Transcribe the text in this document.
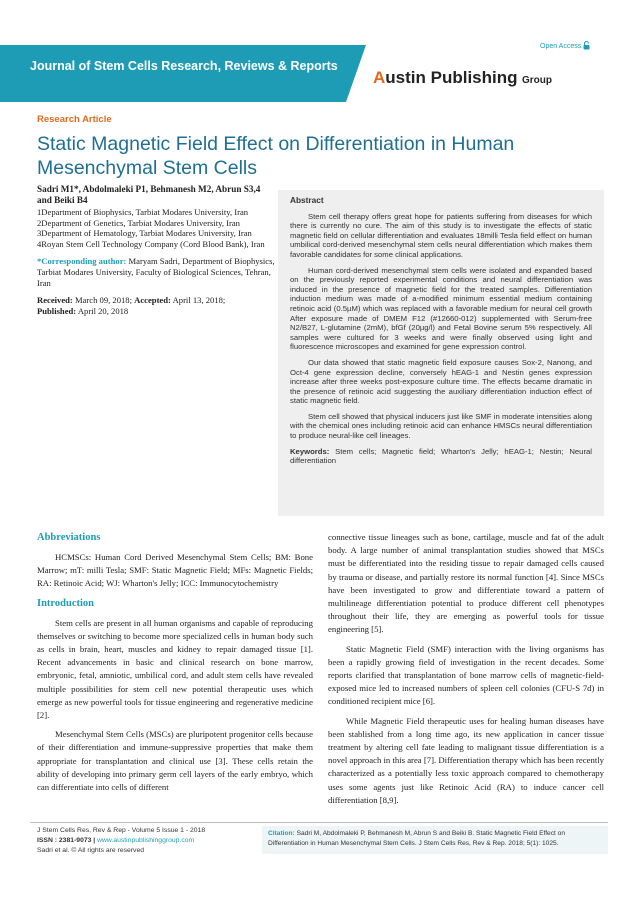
Journal of Stem Cells Research, Reviews & Reports
Open Access
Austin Publishing Group
Research Article
Static Magnetic Field Effect on Differentiation in Human Mesenchymal Stem Cells
Sadri M1*, Abdolmaleki P1, Behmanesh M2, Abrun S3,4 and Beiki B4

1Department of Biophysics, Tarbiat Modares University, Iran

2Department of Genetics, Tarbiat Modares University, Iran

3Department of Hematology, Tarbiat Modares University, Iran

4Royan Stem Cell Technology Company (Cord Blood Bank), Iran

*Corresponding author: Maryam Sadri, Department of Biophysics, Tarbiat Modares University, Faculty of Biological Sciences, Tehran, Iran
Received: March 09, 2018; Accepted: April 13, 2018;
Published: April 20, 2018
Abstract

Stem cell therapy offers great hope for patients suffering from diseases for which there is currently no cure. The aim of this study is to investigate the effects of static magnetic field on cellular differentiation and evaluates 18milli Tesla field effect on human umbilical cord-derived mesenchymal stem cells neural differentiation which makes them favorable candidates for some clinical applications.

Human cord-derived mesenchymal stem cells were isolated and expanded based on the previously reported experimental conditions and neural differentiation was induced in the presence of magnetic field for the treated samples. Differentiation induction medium was made of a-modified minimum essential medium containing retinoic acid (0.5µM) which was replaced with a favorable medium for neural cell growth After exposure made of DMEM F12 (#12660-012) supplemented with Serum-free N2/B27, L-glutamine (2mM), bfGf (20µg/l) and Fetal Bovine serum 5% respectively. All samples were cultured for 3 weeks and were finally observed using light and fluorescence microscopes and examined for gene expression control.

Our data showed that static magnetic field exposure causes Sox-2, Nanong, and Oct-4 gene expression decline, conversely hEAG-1 and Nestin genes expression increase after three weeks post-exposure culture time. The effects became dramatic in the presence of retinoic acid suggesting the auxiliary differentiation induction effect of static magnetic field.

Stem cell showed that physical inducers just like SMF in moderate intensities along with the chemical ones including retinoic acid can enhance HMSCs neural differentiation to produce neural-like cell lineages.

Keywords: Stem cells; Magnetic field; Wharton's Jelly; hEAG-1; Nestin; Neural differentiation
Abbreviations

HCMSCs: Human Cord Derived Mesenchymal Stem Cells; BM: Bone Marrow; mT: milli Tesla; SMF: Static Magnetic Field; MFs: Magnetic Fields; RA: Retinoic Acid; WJ: Wharton's Jelly; ICC: Immunocytochemistry

Introduction

Stem cells are present in all human organisms and capable of reproducing themselves or switching to become more specialized cells in human body such as cells in brain, heart, muscles and kidney to repair damaged tissue [1]. Recent advancements in basic and clinical research on bone marrow, embryonic, fetal, amniotic, umbilical cord, and adult stem cells have revealed multiple possibilities for stem cell new potential therapeutic uses which emerge as new powerful tools for tissue engineering and regenerative medicine [2].

Mesenchymal Stem Cells (MSCs) are pluripotent progenitor cells because of their differentiation and immune-suppressive properties that make them appropriate for transplantation and clinical use [3]. These cells retain the ability of developing into primary germ cell layers of the early embryo, which can differentiate into cells of different

connective tissue lineages such as bone, cartilage, muscle and fat of the adult body. A large number of animal transplantation studies showed that MSCs must be differentiated into the residing tissue to repair damaged cells caused by trauma or disease, and partially restore its normal function [4]. Since MSCs have been investigated to grow and differentiate toward a pattern of multilineage differentiation potential to produce different cell phenotypes throughout their life, they are emerging as powerful tools for tissue engineering [5].

Static Magnetic Field (SMF) interaction with the living organisms has been a rapidly growing field of investigation in the recent decades. Some reports clarified that transplantation of bone marrow cells of magnetic-field-exposed mice led to increased numbers of spleen cell colonies (CFU-S 7d) in conditioned recipient mice [6].

While Magnetic Field therapeutic uses for healing human diseases have been stablished from a long time ago, its new application in cancer tissue treatment by altering cell fate leading to malignant tissue differentiation is a novel approach in this area [7]. Differentiation therapy which has been recently characterized as a potentially less toxic approach compared to chemotherapy uses some agents just like Retinoic Acid (RA) to induce cancer cell differentiation [8,9].

J Stem Cells Res, Rev & Rep - Volume 5 Issue 1 - 2018
ISSN : 2381-9073 | www.austinpublishinggroup.com
Sadri et al. © All rights are reserved
Citation: Sadri M, Abdolmaleki P, Behmanesh M, Abrun S and Beiki B. Static Magnetic Field Effect on Differentiation in Human Mesenchymal Stem Cells. J Stem Cells Res, Rev & Rep. 2018; 5(1): 1025.
